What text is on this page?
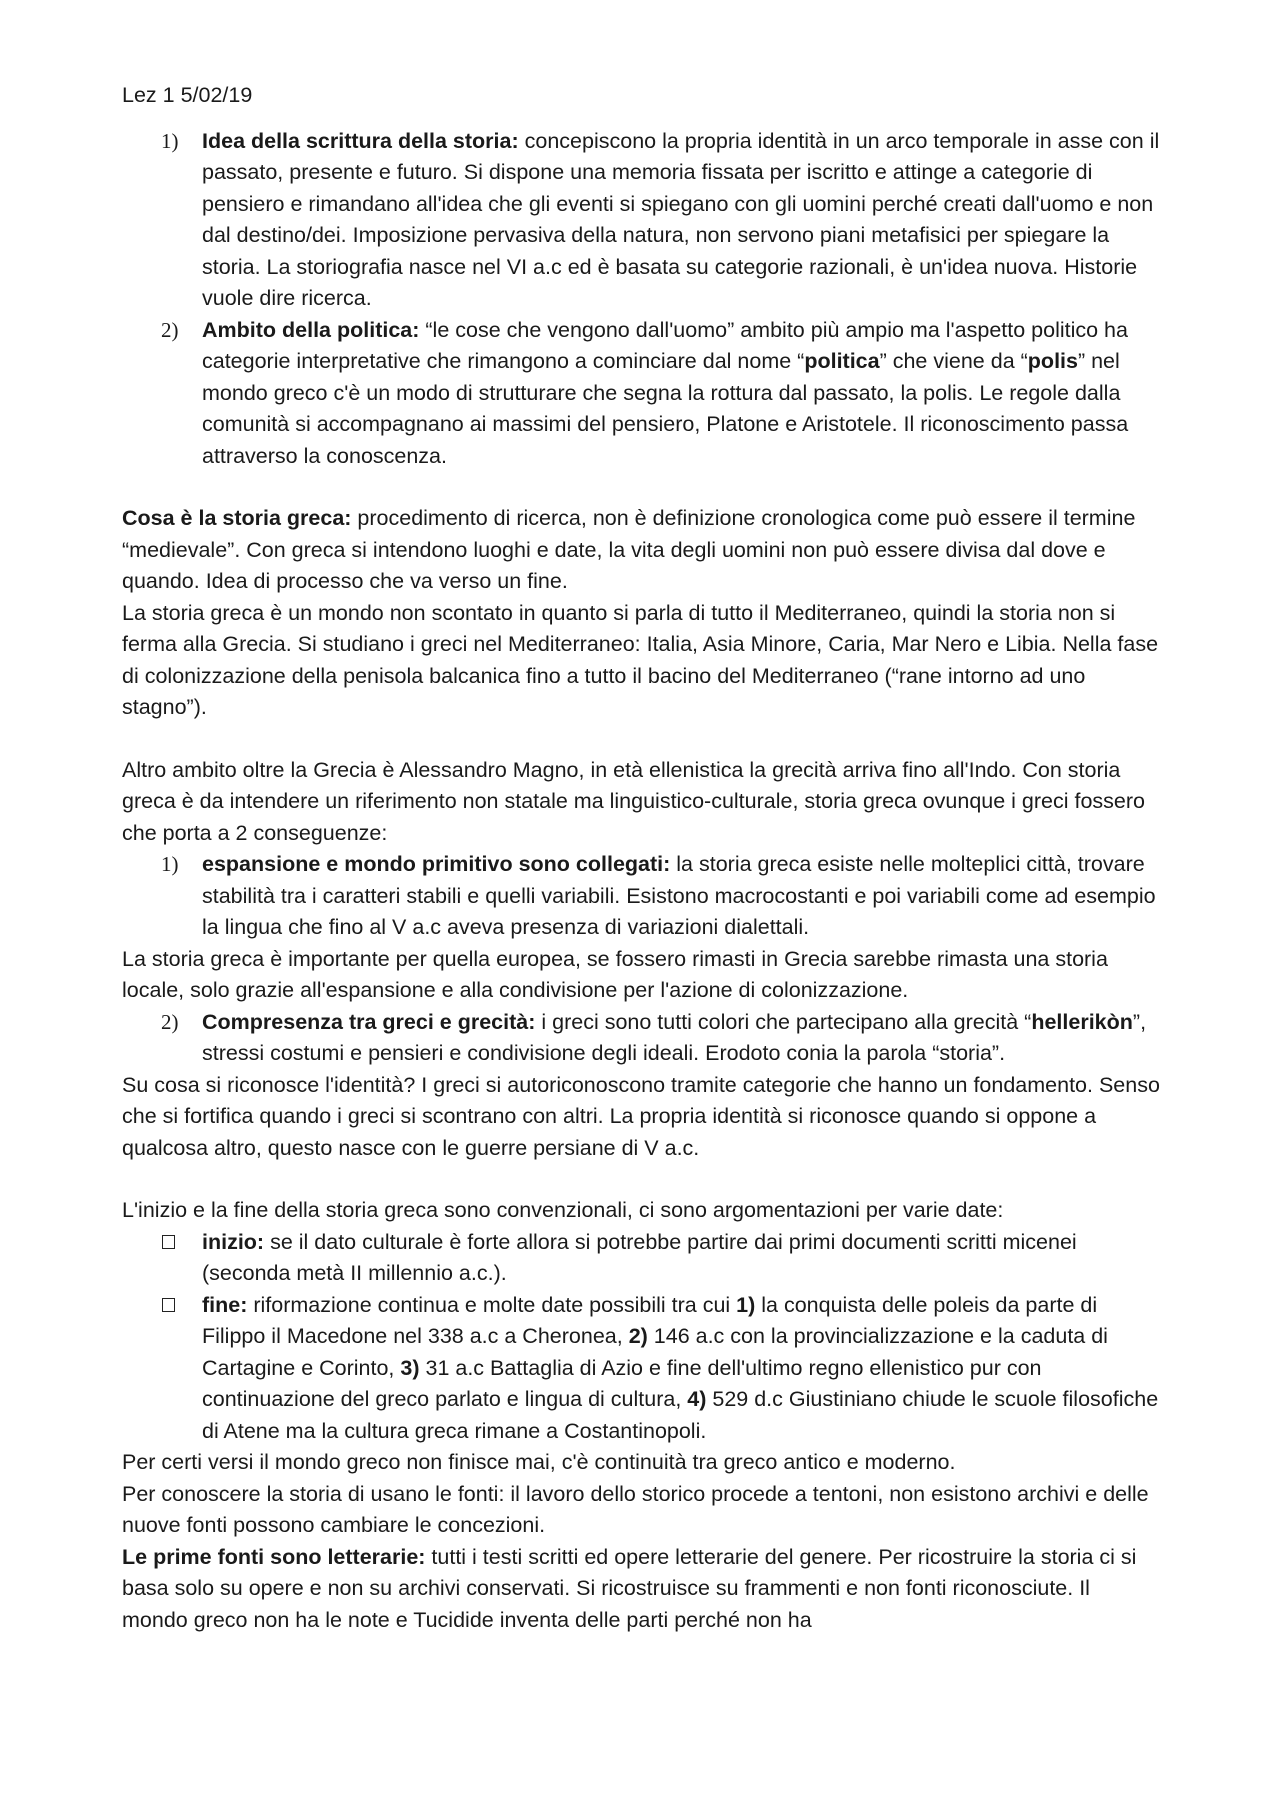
Lez 1 5/02/19

1) Idea della scrittura della storia: concepiscono la propria identità in un arco temporale in asse con il passato, presente e futuro. Si dispone una memoria fissata per iscritto e attinge a categorie di pensiero e rimandano all'idea che gli eventi si spiegano con gli uomini perché creati dall'uomo e non dal destino/dei. Imposizione pervasiva della natura, non servono piani metafisici per spiegare la storia. La storiografia nasce nel VI a.c ed è basata su categorie razionali, è un'idea nuova. Historie vuole dire ricerca.
2) Ambito della politica: “le cose che vengono dall'uomo” ambito più ampio ma l'aspetto politico ha categorie interpretative che rimangono a cominciare dal nome “politica” che viene da “polis” nel mondo greco c'è un modo di strutturare che segna la rottura dal passato, la polis. Le regole dalla comunità si accompagnano ai massimi del pensiero, Platone e Aristotele. Il riconoscimento passa attraverso la conoscenza.

Cosa è la storia greca: procedimento di ricerca, non è definizione cronologica come può essere il termine “medievale”. Con greca si intendono luoghi e date, la vita degli uomini non può essere divisa dal dove e quando. Idea di processo che va verso un fine.

La storia greca è un mondo non scontato in quanto si parla di tutto il Mediterraneo, quindi la storia non si ferma alla Grecia. Si studiano i greci nel Mediterraneo: Italia, Asia Minore, Caria, Mar Nero e Libia. Nella fase di colonizzazione della penisola balcanica fino a tutto il bacino del Mediterraneo (“rane intorno ad uno stagno”).

Altro ambito oltre la Grecia è Alessandro Magno, in età ellenistica la grecità arriva fino all'Indo. Con storia greca è da intendere un riferimento non statale ma linguistico-culturale, storia greca ovunque i greci fossero che porta a 2 conseguenze:

1) espansione e mondo primitivo sono collegati: la storia greca esiste nelle molteplici città, trovare stabilità tra i caratteri stabili e quelli variabili. Esistono macrocostanti e poi variabili come ad esempio la lingua che fino al V a.c aveva presenza di variazioni dialettali.

La storia greca è importante per quella europea, se fossero rimasti in Grecia sarebbe rimasta una storia locale, solo grazie all'espansione e alla condivisione per l'azione di colonizzazione.

2) Compresenza tra greci e grecità: i greci sono tutti colori che partecipano alla grecità “hellerikòn”, stressi costumi e pensieri e condivisione degli ideali. Erodoto conia la parola “storia”.

Su cosa si riconosce l'identità? I greci si autoriconoscono tramite categorie che hanno un fondamento. Senso che si fortifica quando i greci si scontrano con altri. La propria identità si riconosce quando si oppone a qualcosa altro, questo nasce con le guerre persiane di V a.c.

L'inizio e la fine della storia greca sono convenzionali, ci sono argomentazioni per varie date:

inizio: se il dato culturale è forte allora si potrebbe partire dai primi documenti scritti micenei (seconda metà II millennio a.c.).
fine: riformazione continua e molte date possibili tra cui 1) la conquista delle poleis da parte di Filippo il Macedone nel 338 a.c a Cheronea, 2) 146 a.c con la provincializzazione e la caduta di Cartagine e Corinto, 3) 31 a.c Battaglia di Azio e fine dell'ultimo regno ellenistico pur con continuazione del greco parlato e lingua di cultura, 4) 529 d.c Giustiniano chiude le scuole filosofiche di Atene ma la cultura greca rimane a Costantinopoli.

Per certi versi il mondo greco non finisce mai, c'è continuità tra greco antico e moderno.

Per conoscere la storia di usano le fonti: il lavoro dello storico procede a tentoni, non esistono archivi e delle nuove fonti possono cambiare le concezioni.

Le prime fonti sono letterarie: tutti i testi scritti ed opere letterarie del genere. Per ricostruire la storia ci si basa solo su opere e non su archivi conservati. Si ricostruisce su frammenti e non fonti riconosciute. Il mondo greco non ha le note e Tucidide inventa delle parti perché non ha
